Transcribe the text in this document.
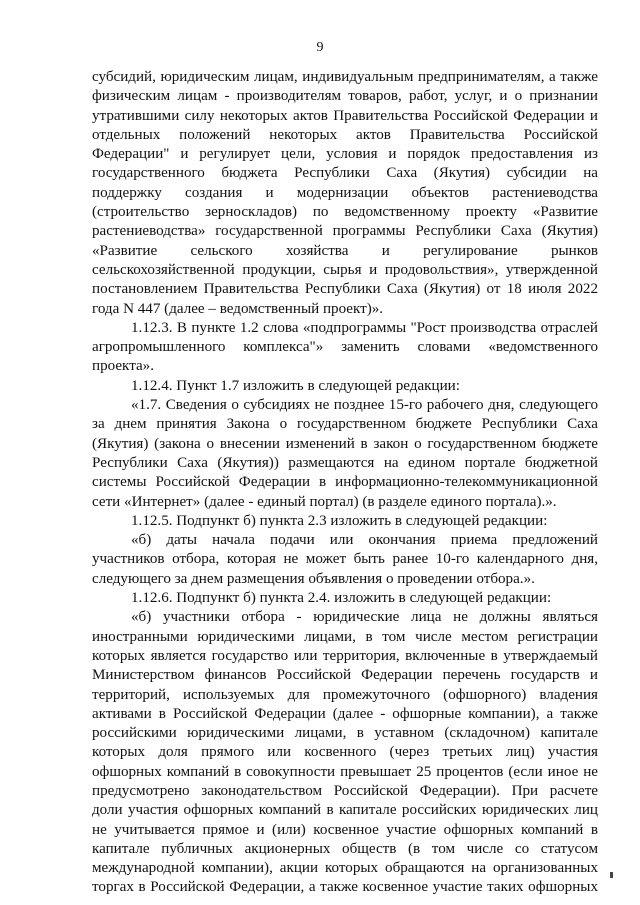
9
субсидий, юридическим лицам, индивидуальным предпринимателям, а также
физическим лицам - производителям товаров, работ, услуг, и о признании
утратившими силу некоторых актов Правительства Российской Федерации и
отдельных положений некоторых актов Правительства Российской
Федерации" и регулирует цели, условия и порядок предоставления из
государственного бюджета Республики Саха (Якутия) субсидии на
поддержку создания и модернизации объектов растениеводства
(строительство зерноскладов) по ведомственному проекту «Развитие
растениеводства» государственной программы Республики Саха (Якутия)
«Развитие сельского хозяйства и регулирование рынков
сельскохозяйственной продукции, сырья и продовольствия», утвержденной
постановлением Правительства Республики Саха (Якутия) от 18 июля 2022
года N 447 (далее – ведомственный проект)».
1.12.3. В пункте 1.2 слова «подпрограммы "Рост производства отраслей
агропромышленного комплекса"» заменить словами «ведомственного
проекта».
1.12.4. Пункт 1.7 изложить в следующей редакции:
«1.7. Сведения о субсидиях не позднее 15-го рабочего дня, следующего
за днем принятия Закона о государственном бюджете Республики Саха
(Якутия) (закона о внесении изменений в закон о государственном бюджете
Республики Саха (Якутия)) размещаются на едином портале бюджетной
системы Российской Федерации в информационно-телекоммуникационной
сети «Интернет» (далее - единый портал) (в разделе единого портала).».
1.12.5. Подпункт б) пункта 2.3 изложить в следующей редакции:
«б) даты начала подачи или окончания приема предложений
участников отбора, которая не может быть ранее 10-го календарного дня,
следующего за днем размещения объявления о проведении отбора.».
1.12.6. Подпункт б) пункта 2.4. изложить в следующей редакции:
«б) участники отбора - юридические лица не должны являться
иностранными юридическими лицами, в том числе местом регистрации
которых является государство или территория, включенные в утверждаемый
Министерством финансов Российской Федерации перечень государств и
территорий, используемых для промежуточного (офшорного) владения
активами в Российской Федерации (далее - офшорные компании), а также
российскими юридическими лицами, в уставном (складочном) капитале
которых доля прямого или косвенного (через третьих лиц) участия
офшорных компаний в совокупности превышает 25 процентов (если иное не
предусмотрено законодательством Российской Федерации). При расчете
доли участия офшорных компаний в капитале российских юридических лиц
не учитывается прямое и (или) косвенное участие офшорных компаний в
капитале публичных акционерных обществ (в том числе со статусом
международной компании), акции которых обращаются на организованных
торгах в Российской Федерации, а также косвенное участие таких офшорных
